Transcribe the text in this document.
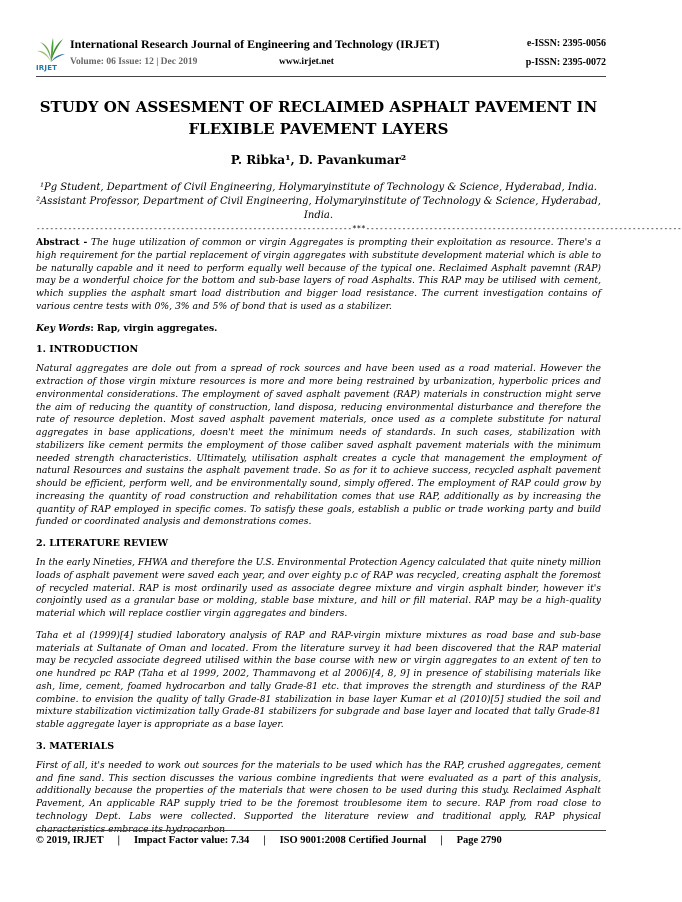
IRJET
International Research Journal of Engineering and Technology (IRJET)	e-ISSN: 2395-0056
Volume: 06 Issue: 12 | Dec 2019	www.irjet.net	p-ISSN: 2395-0072
STUDY ON ASSESMENT OF RECLAIMED ASPHALT PAVEMENT IN FLEXIBLE PAVEMENT LAYERS
P. Ribka¹, D. Pavankumar²

¹Pg Student, Department of Civil Engineering, Holymaryinstitute of Technology & Science, Hyderabad, India.

²Assistant Professor, Department of Civil Engineering, Holymaryinstitute of Technology & Science, Hyderabad, India.

----------------------------------------------------------------------***----------------------------------------------------------------------

Abstract - The huge utilization of common or virgin Aggregates is prompting their exploitation as resource. There's a high requirement for the partial replacement of virgin aggregates with substitute development material which is able to be naturally capable and it need to perform equally well because of the typical one. Reclaimed Asphalt pavemnt (RAP) may be a wonderful choice for the bottom and sub-base layers of road Asphalts. This RAP may be utilised with cement, which supplies the asphalt smart load distribution and bigger load resistance. The current investigation contains of various centre tests with 0%, 3% and 5% of bond that is used as a stabilizer.

Key Words: Rap, virgin aggregates.

1. INTRODUCTION

Natural aggregates are dole out from a spread of rock sources and have been used as a road material. However the extraction of those virgin mixture resources is more and more being restrained by urbanization, hyperbolic prices and environmental considerations. The employment of saved asphalt pavement (RAP) materials in construction might serve the aim of reducing the quantity of construction, land disposa, reducing environmental disturbance and therefore the rate of resource depletion. Most saved asphalt pavement materials, once used as a complete substitute for natural aggregates in base applications, doesn't meet the minimum needs of standards. In such cases, stabilization with stabilizers like cement permits the employment of those caliber saved asphalt pavement materials with the minimum needed strength characteristics. Ultimately, utilisation asphalt creates a cycle that management the employment of natural Resources and sustains the asphalt pavement trade. So as for it to achieve success, recycled asphalt pavement should be efficient, perform well, and be environmentally sound, simply offered. The employment of RAP could grow by increasing the quantity of road construction and rehabilitation comes that use RAP, additionally as by increasing the quantity of RAP employed in specific comes. To satisfy these goals, establish a public or trade working party and build funded or coordinated analysis and demonstrations comes.

2. LITERATURE REVIEW

In the early Nineties, FHWA and therefore the U.S. Environmental Protection Agency calculated that quite ninety million loads of asphalt pavement were saved each year, and over eighty p.c of RAP was recycled, creating asphalt the foremost of recycled material. RAP is most ordinarily used as associate degree mixture and virgin asphalt binder, however it's conjointly used as a granular base or molding, stable base mixture, and hill or fill material. RAP may be a high-quality material which will replace costlier virgin aggregates and binders.

Taha et al (1999)[4] studied laboratory analysis of RAP and RAP-virgin mixture mixtures as road base and sub-base materials at Sultanate of Oman and located. From the literature survey it had been discovered that the RAP material may be recycled associate degreed utilised within the base course with new or virgin aggregates to an extent of ten to one hundred pc RAP (Taha et al 1999, 2002, Thammavong et al 2006)[4, 8, 9] in presence of stabilising materials like ash, lime, cement, foamed hydrocarbon and tally Grade-81 etc. that improves the strength and sturdiness of the RAP combine. to envision the quality of tally Grade-81 stabilization in base layer Kumar et al (2010)[5] studied the soil and mixture stabilization victimization tally Grade-81 stabilizers for subgrade and base layer and located that tally Grade-81 stable aggregate layer is appropriate as a base layer.

3. MATERIALS

First of all, it's needed to work out sources for the materials to be used which has the RAP, crushed aggregates, cement and fine sand. This section discusses the various combine ingredients that were evaluated as a part of this analysis, additionally because the properties of the materials that were chosen to be used during this study. Reclaimed Asphalt Pavement, An applicable RAP supply tried to be the foremost troublesome item to secure. RAP from road close to technology Dept. Labs were collected. Supported the literature review and traditional apply, RAP physical characteristics embrace its hydrocarbon

© 2019, IRJET | Impact Factor value: 7.34 | ISO 9001:2008 Certified Journal | Page 2790
